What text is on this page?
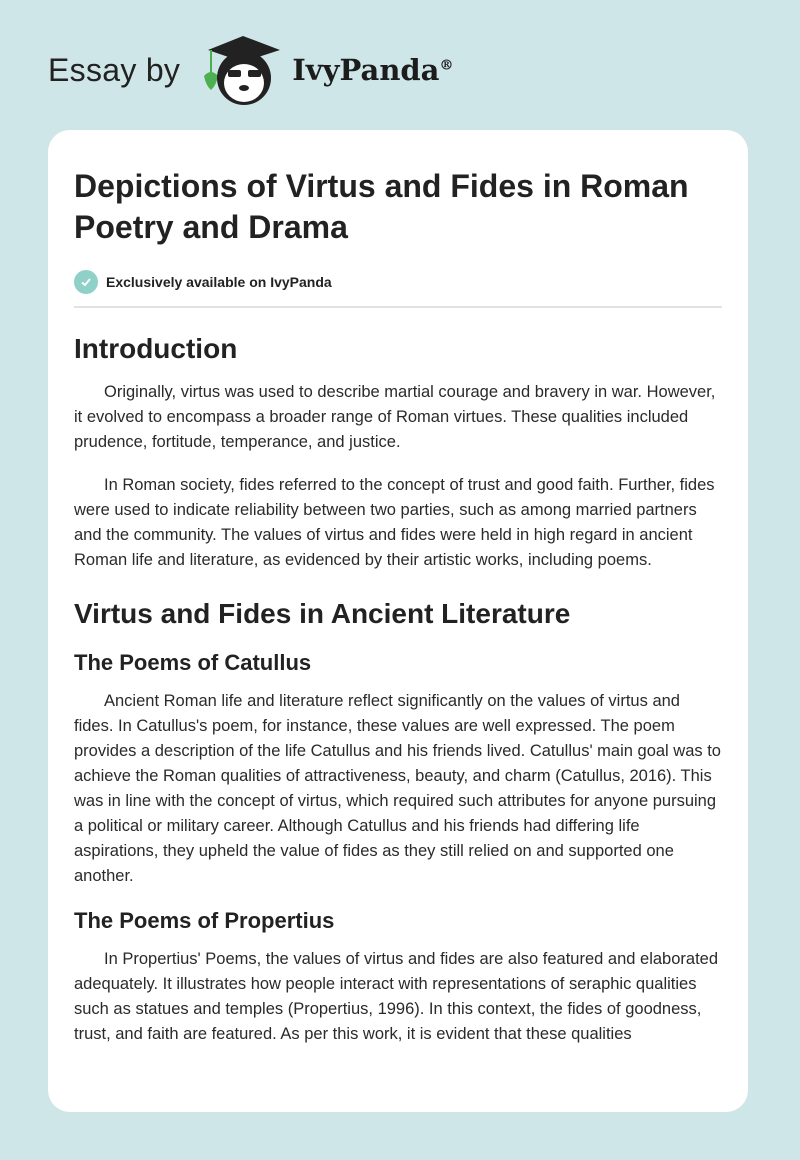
Essay by	IvyPanda®
Depictions of Virtus and Fides in Roman Poetry and Drama
Exclusively available on IvyPanda
Introduction

Originally, virtus was used to describe martial courage and bravery in war. However, it evolved to encompass a broader range of Roman virtues. These qualities included prudence, fortitude, temperance, and justice.

In Roman society, fides referred to the concept of trust and good faith. Further, fides were used to indicate reliability between two parties, such as among married partners and the community. The values of virtus and fides were held in high regard in ancient Roman life and literature, as evidenced by their artistic works, including poems.

Virtus and Fides in Ancient Literature
The Poems of Catullus

Ancient Roman life and literature reflect significantly on the values of virtus and fides. In Catullus's poem, for instance, these values are well expressed. The poem provides a description of the life Catullus and his friends lived. Catullus' main goal was to achieve the Roman qualities of attractiveness, beauty, and charm (Catullus, 2016). This was in line with the concept of virtus, which required such attributes for anyone pursuing a political or military career. Although Catullus and his friends had differing life aspirations, they upheld the value of fides as they still relied on and supported one another.

The Poems of Propertius

In Propertius' Poems, the values of virtus and fides are also featured and elaborated adequately. It illustrates how people interact with representations of seraphic qualities such as statues and temples (Propertius, 1996). In this context, the fides of goodness, trust, and faith are featured. As per this work, it is evident that these qualities
